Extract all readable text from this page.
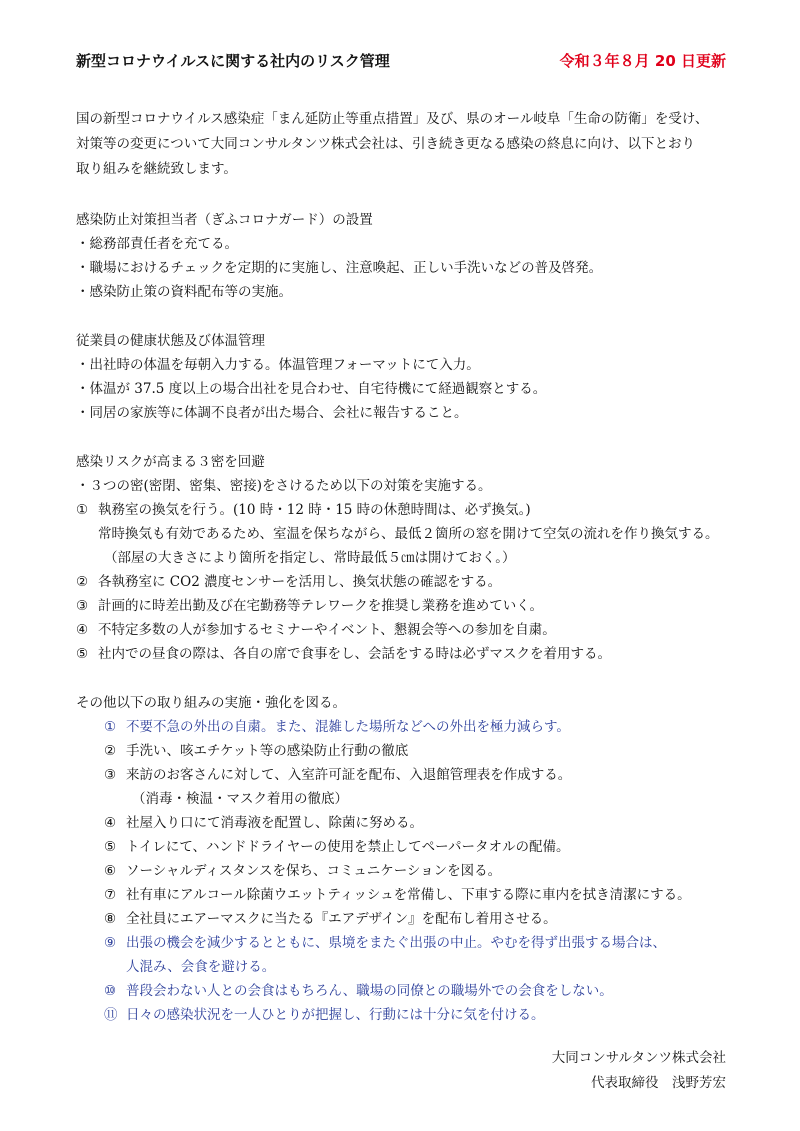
新型コロナウイルスに関する社内のリスク管理	令和３年８月 20 日更新
国の新型コロナウイルス感染症「まん延防止等重点措置」及び、県のオール岐阜「生命の防衛」を受け、
対策等の変更について大同コンサルタンツ株式会社は、引き続き更なる感染の終息に向け、以下とおり
取り組みを継続致します。
感染防止対策担当者（ぎふコロナガード）の設置
・総務部責任者を充てる。
・職場におけるチェックを定期的に実施し、注意喚起、正しい手洗いなどの普及啓発。
・感染防止策の資料配布等の実施。
従業員の健康状態及び体温管理
・出社時の体温を毎朝入力する。体温管理フォーマットにて入力。
・体温が 37.5 度以上の場合出社を見合わせ、自宅待機にて経過観察とする。
・同居の家族等に体調不良者が出た場合、会社に報告すること。
感染リスクが高まる３密を回避
・３つの密(密閉、密集、密接)をさけるため以下の対策を実施する。
① 執務室の換気を行う。(10 時・12 時・15 時の休憩時間は、必ず換気。)
常時換気も有効であるため、室温を保ちながら、最低２箇所の窓を開けて空気の流れを作り換気する。
（部屋の大きさにより箇所を指定し、常時最低５㎝は開けておく。）
② 各執務室に CO2 濃度センサーを活用し、換気状態の確認をする。
③ 計画的に時差出勤及び在宅勤務等テレワークを推奨し業務を進めていく。
④ 不特定多数の人が参加するセミナーやイベント、懇親会等への参加を自粛。
⑤ 社内での昼食の際は、各自の席で食事をし、会話をする時は必ずマスクを着用する。
その他以下の取り組みの実施・強化を図る。
① 不要不急の外出の自粛。また、混雑した場所などへの外出を極力減らす。
② 手洗い、咳エチケット等の感染防止行動の徹底
③ 来訪のお客さんに対して、入室許可証を配布、入退館管理表を作成する。
（消毒・検温・マスク着用の徹底）
④ 社屋入り口にて消毒液を配置し、除菌に努める。
⑤ トイレにて、ハンドドライヤーの使用を禁止してペーパータオルの配備。
⑥ ソーシャルディスタンスを保ち、コミュニケーションを図る。
⑦ 社有車にアルコール除菌ウエットティッシュを常備し、下車する際に車内を拭き清潔にする。
⑧ 全社員にエアーマスクに当たる『エアデザイン』を配布し着用させる。
⑨ 出張の機会を減少するとともに、県境をまたぐ出張の中止。やむを得ず出張する場合は、
人混み、会食を避ける。
⑩ 普段会わない人との会食はもちろん、職場の同僚との職場外での会食をしない。
⑪ 日々の感染状況を一人ひとりが把握し、行動には十分に気を付ける。
大同コンサルタンツ株式会社
代表取締役　浅野芳宏
